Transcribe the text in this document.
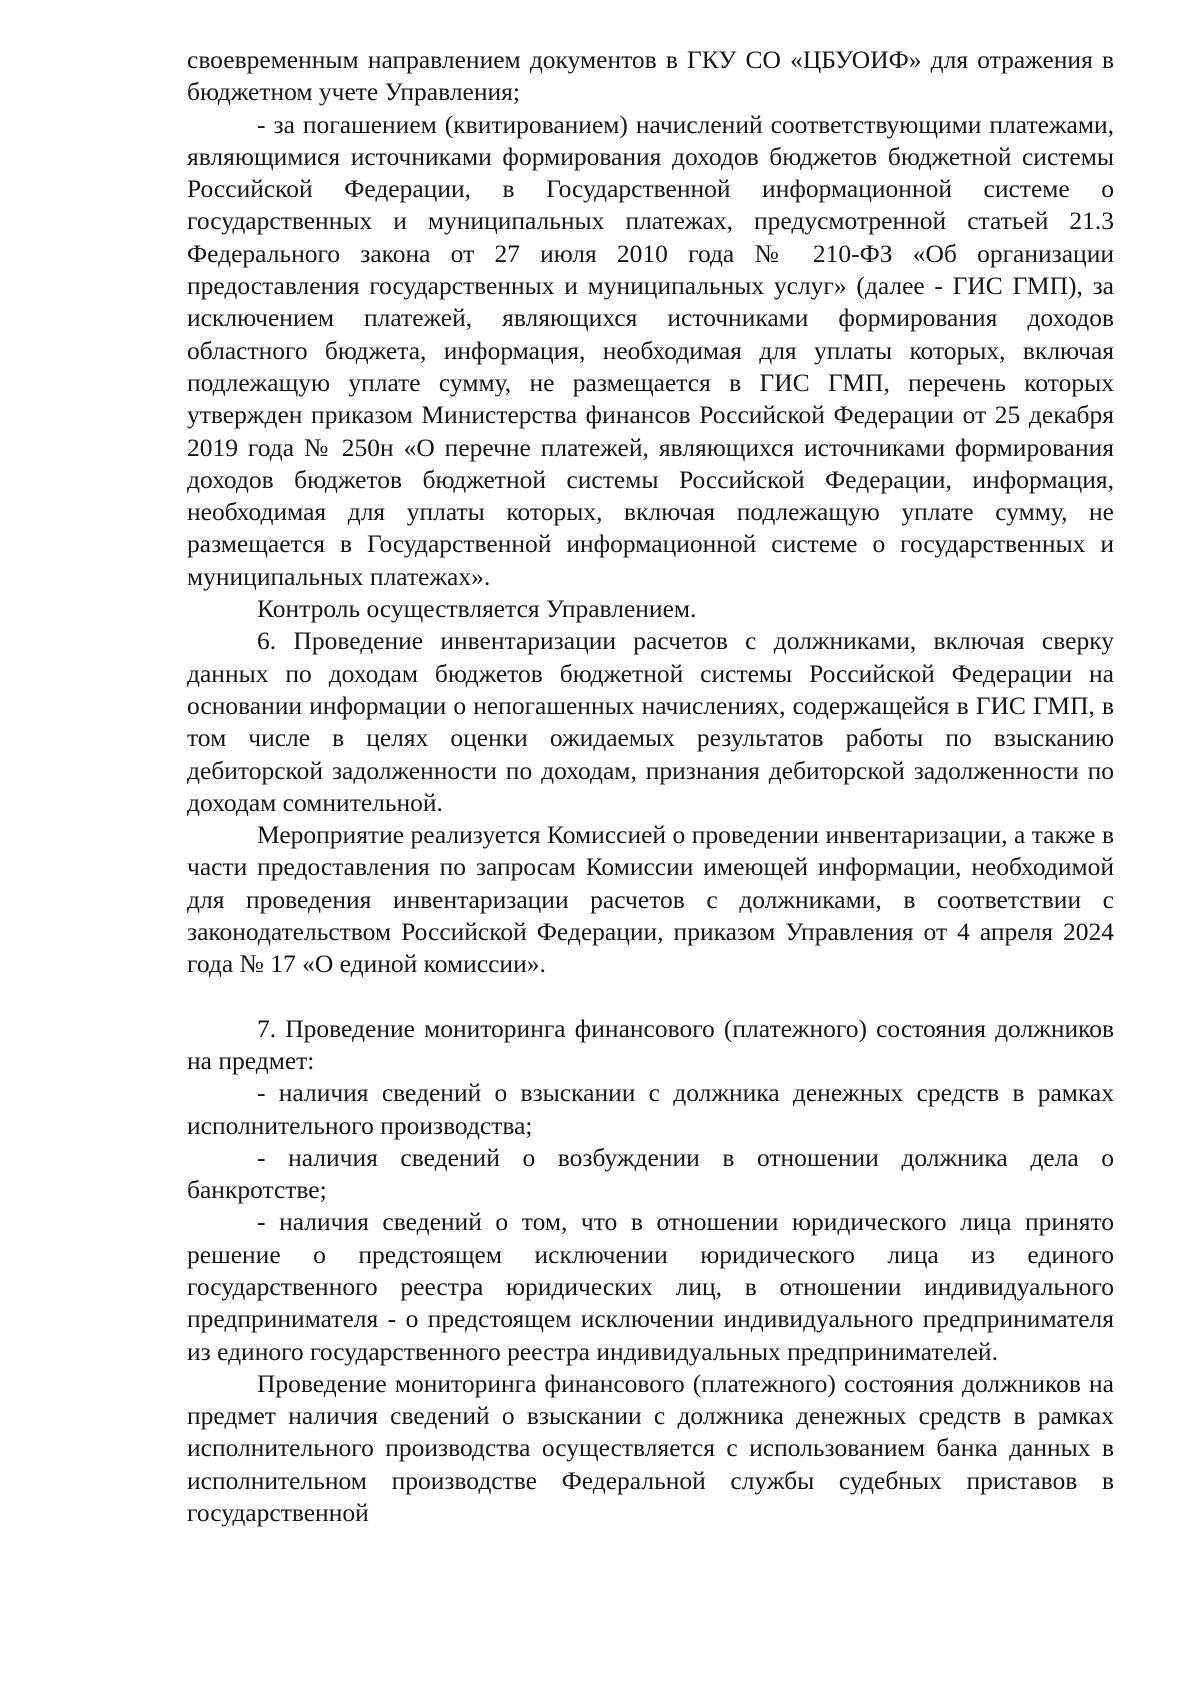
своевременным направлением документов в ГКУ СО «ЦБУОИФ» для отражения в бюджетном учете Управления;

- за погашением (квитированием) начислений соответствующими платежами, являющимися источниками формирования доходов бюджетов бюджетной системы Российской Федерации, в Государственной информационной системе о государственных и муниципальных платежах, предусмотренной статьей 21.3 Федерального закона от 27 июля 2010 года № 210-ФЗ «Об организации предоставления государственных и муниципальных услуг» (далее - ГИС ГМП), за исключением платежей, являющихся источниками формирования доходов областного бюджета, информация, необходимая для уплаты которых, включая подлежащую уплате сумму, не размещается в ГИС ГМП, перечень которых утвержден приказом Министерства финансов Российской Федерации от 25 декабря 2019 года № 250н «О перечне платежей, являющихся источниками формирования доходов бюджетов бюджетной системы Российской Федерации, информация, необходимая для уплаты которых, включая подлежащую уплате сумму, не размещается в Государственной информационной системе о государственных и муниципальных платежах».

Контроль осуществляется Управлением.

6. Проведение инвентаризации расчетов с должниками, включая сверку данных по доходам бюджетов бюджетной системы Российской Федерации на основании информации о непогашенных начислениях, содержащейся в ГИС ГМП, в том числе в целях оценки ожидаемых результатов работы по взысканию дебиторской задолженности по доходам, признания дебиторской задолженности по доходам сомнительной.

Мероприятие реализуется Комиссией о проведении инвентаризации, а также в части предоставления по запросам Комиссии имеющей информации, необходимой для проведения инвентаризации расчетов с должниками, в соответствии с законодательством Российской Федерации, приказом Управления от 4 апреля 2024 года № 17 «О единой комиссии».

7. Проведение мониторинга финансового (платежного) состояния должников на предмет:

- наличия сведений о взыскании с должника денежных средств в рамках исполнительного производства;

- наличия сведений о возбуждении в отношении должника дела о банкротстве;

- наличия сведений о том, что в отношении юридического лица принято решение о предстоящем исключении юридического лица из единого государственного реестра юридических лиц, в отношении индивидуального предпринимателя - о предстоящем исключении индивидуального предпринимателя из единого государственного реестра индивидуальных предпринимателей.

Проведение мониторинга финансового (платежного) состояния должников на предмет наличия сведений о взыскании с должника денежных средств в рамках исполнительного производства осуществляется с использованием банка данных в исполнительном производстве Федеральной службы судебных приставов в государственной
